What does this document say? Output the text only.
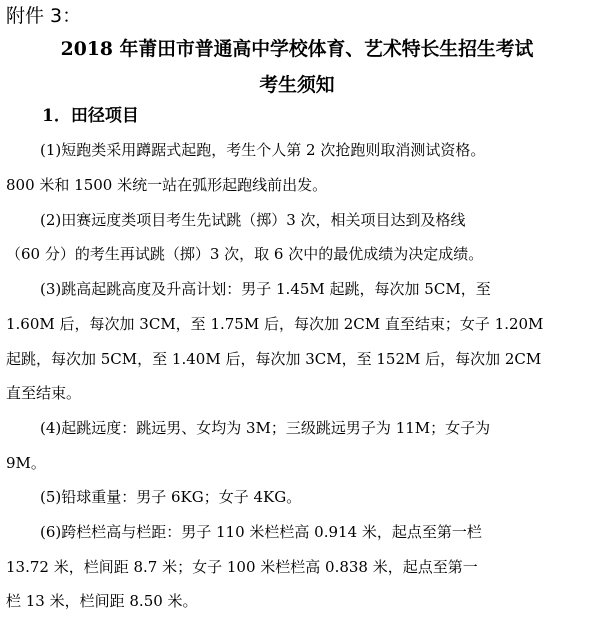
附件 3：
2018 年莆田市普通高中学校体育、艺术特长生招生考试
考生须知
1．田径项目
(1)短跑类采用蹲踞式起跑，考生个人第 2 次抢跑则取消测试资格。
800 米和 1500 米统一站在弧形起跑线前出发。
(2)田赛远度类项目考生先试跳（掷）3 次，相关项目达到及格线
（60 分）的考生再试跳（掷）3 次，取 6 次中的最优成绩为决定成绩。
(3)跳高起跳高度及升高计划：男子 1.45M 起跳，每次加 5CM，至
1.60M 后，每次加 3CM，至 1.75M 后，每次加 2CM 直至结束；女子 1.20M
起跳，每次加 5CM，至 1.40M 后，每次加 3CM，至 152M 后，每次加 2CM
直至结束。
(4)起跳远度：跳远男、女均为 3M；三级跳远男子为 11M；女子为
9M。
(5)铅球重量：男子 6KG；女子 4KG。
(6)跨栏栏高与栏距：男子 110 米栏栏高 0.914 米，起点至第一栏
13.72 米，栏间距 8.7 米；女子 100 米栏栏高 0.838 米，起点至第一
栏 13 米，栏间距 8.50 米。
